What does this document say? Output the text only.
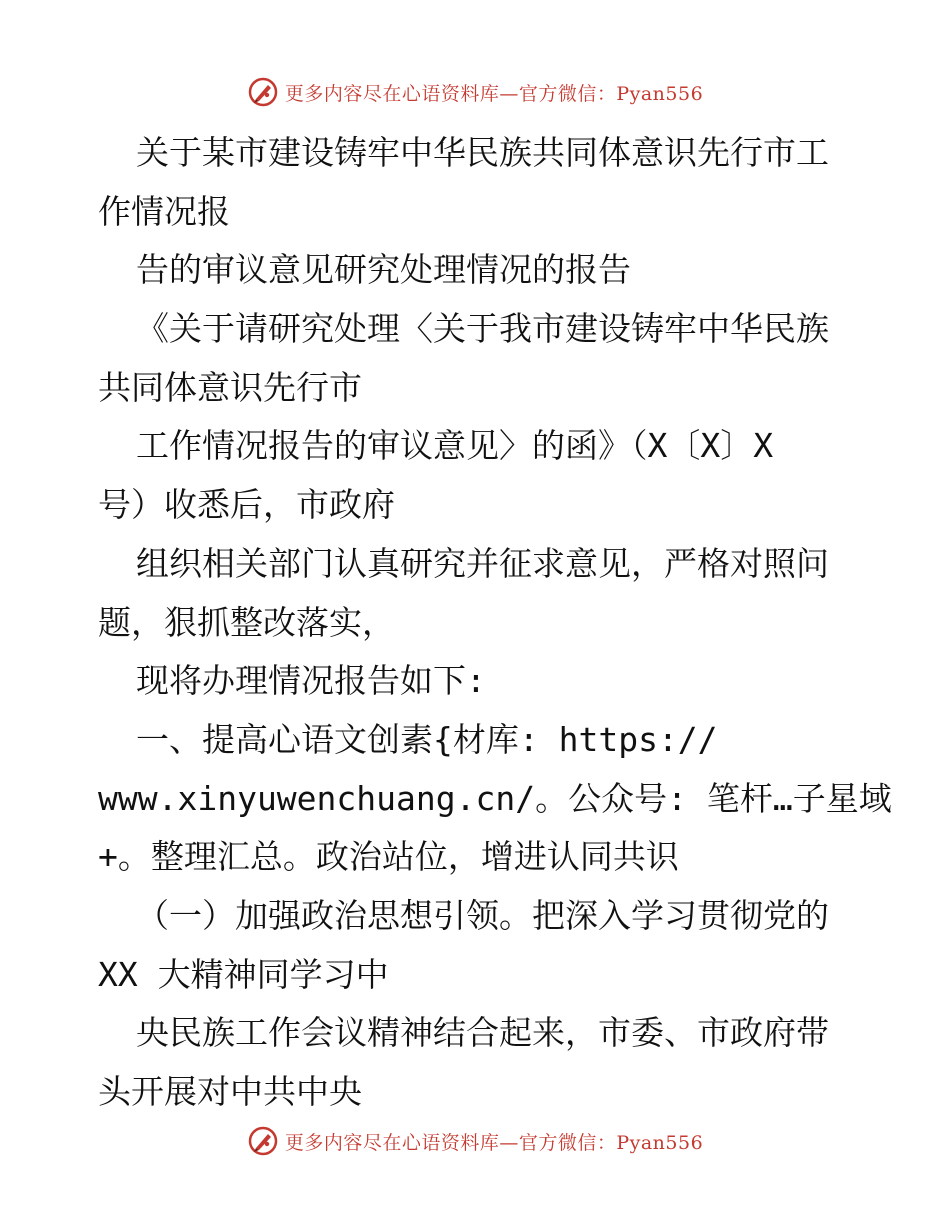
更多内容尽在心语资料库—官方微信：Pyan556
关于某市建设铸牢中华民族共同体意识先行市工
作情况报
告的审议意见研究处理情况的报告
《关于请研究处理〈关于我市建设铸牢中华民族
共同体意识先行市
工作情况报告的审议意见〉的函》（X〔X〕X
号）收悉后，市政府
组织相关部门认真研究并征求意见，严格对照问
题，狠抓整改落实，
现将办理情况报告如下:
一、提高心语文创素{材库: https://
www.xinyuwenchuang.cn/。公众号: 笔杆…子星域
+。整理汇总。政治站位，增进认同共识
（一）加强政治思想引领。把深入学习贯彻党的
XX 大精神同学习中
央民族工作会议精神结合起来，市委、市政府带
头开展对中共中央
更多内容尽在心语资料库—官方微信：Pyan556
